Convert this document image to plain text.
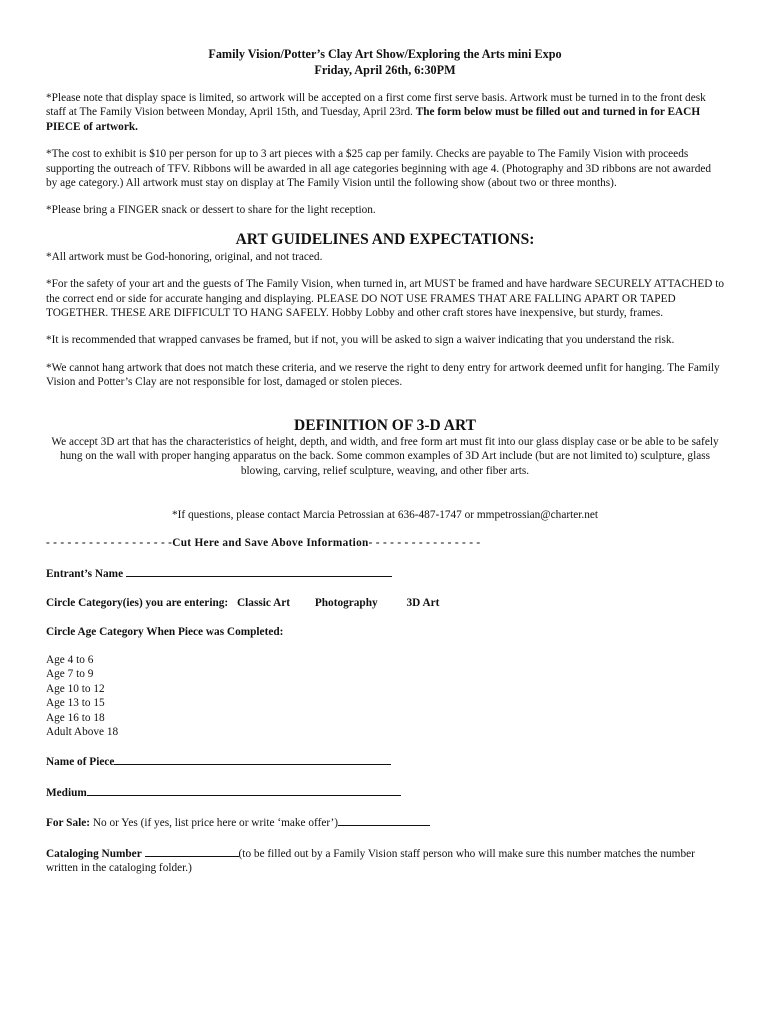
Family Vision/Potter’s Clay Art Show/Exploring the Arts mini Expo
Friday, April 26th, 6:30PM

*Please note that display space is limited, so artwork will be accepted on a first come first serve basis. Artwork must be turned in to the front desk staff at The Family Vision between Monday, April 15th, and Tuesday, April 23rd. The form below must be filled out and turned in for EACH PIECE of artwork.

*The cost to exhibit is $10 per person for up to 3 art pieces with a $25 cap per family. Checks are payable to The Family Vision with proceeds supporting the outreach of TFV. Ribbons will be awarded in all age categories beginning with age 4. (Photography and 3D ribbons are not awarded by age category.) All artwork must stay on display at The Family Vision until the following show (about two or three months).

*Please bring a FINGER snack or dessert to share for the light reception.

ART GUIDELINES AND EXPECTATIONS:

*All artwork must be God-honoring, original, and not traced.

*For the safety of your art and the guests of The Family Vision, when turned in, art MUST be framed and have hardware SECURELY ATTACHED to the correct end or side for accurate hanging and displaying. PLEASE DO NOT USE FRAMES THAT ARE FALLING APART OR TAPED TOGETHER. THESE ARE DIFFICULT TO HANG SAFELY. Hobby Lobby and other craft stores have inexpensive, but sturdy, frames.

*It is recommended that wrapped canvases be framed, but if not, you will be asked to sign a waiver indicating that you understand the risk.

*We cannot hang artwork that does not match these criteria, and we reserve the right to deny entry for artwork deemed unfit for hanging. The Family Vision and Potter’s Clay are not responsible for lost, damaged or stolen pieces.

DEFINITION OF 3-D ART

We accept 3D art that has the characteristics of height, depth, and width, and free form art must fit into our glass display case or be able to be safely hung on the wall with proper hanging apparatus on the back. Some common examples of 3D Art include (but are not limited to) sculpture, glass blowing, carving, relief sculpture, weaving, and other fiber arts.

*If questions, please contact Marcia Petrossian at 636-487-1747 or mmpetrossian@charter.net

- - - - - - - - - - - - - - - - - -Cut Here and Save Above Information- - - - - - - - - - - - - - - -
Entrant’s Name
Circle Category(ies) you are entering: Classic Art Photography	3D Art
Circle Age Category When Piece was Completed:
Age 4 to 6
Age 7 to 9
Age 10 to 12
Age 13 to 15
Age 16 to 18
Adult Above 18
Name of Piece
Medium
For Sale: No or Yes (if yes, list price here or write ‘make offer’)

Cataloging Number	(to be filled out by a Family Vision staff person who will make sure this number matches the number written in the cataloging folder.)
